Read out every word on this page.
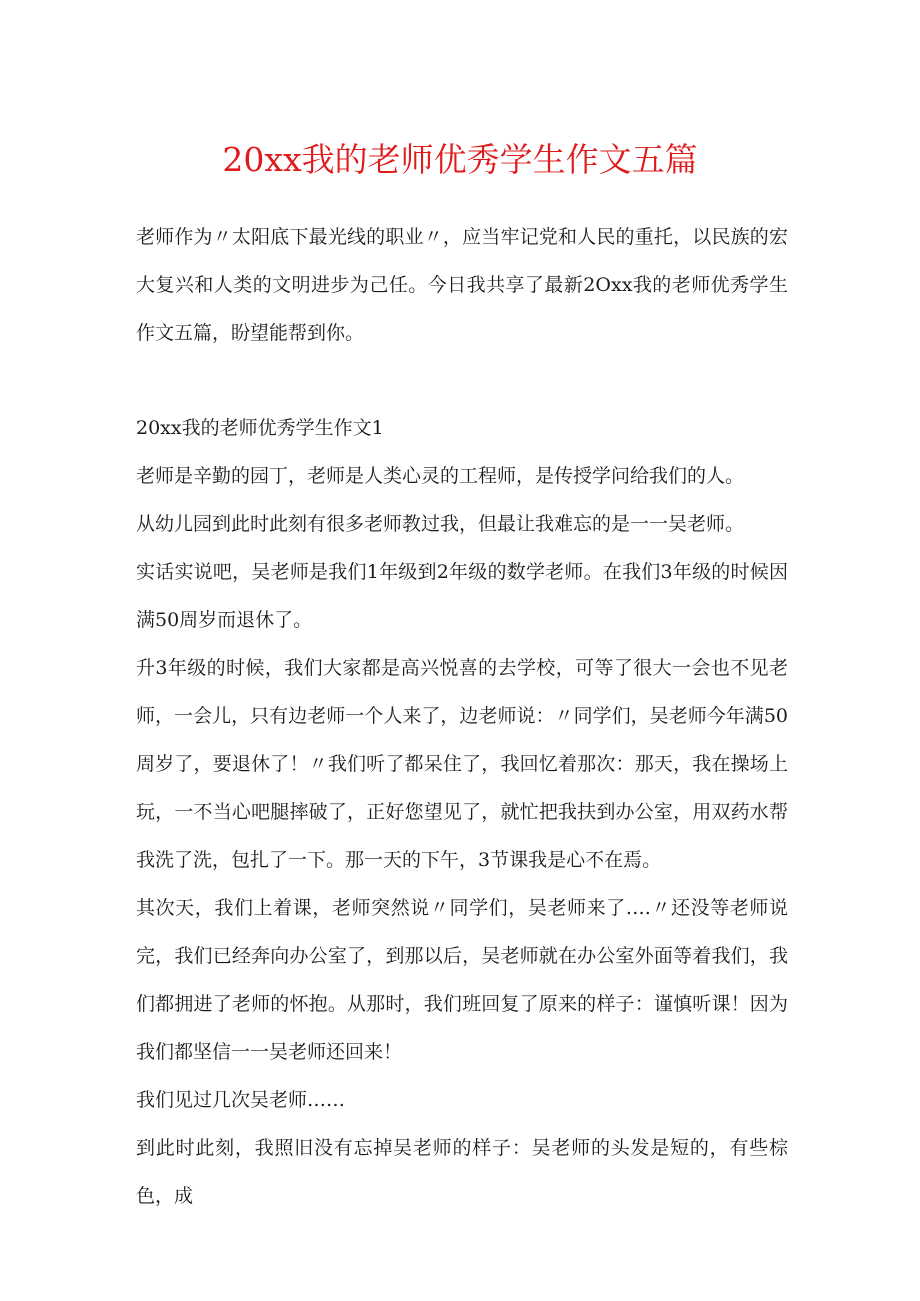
20xx我的老师优秀学生作文五篇

老师作为〃太阳底下最光线的职业〃，应当牢记党和人民的重托，以民族的宏大复兴和人类的文明进步为己任。今日我共享了最新2Oxx我的老师优秀学生作文五篇，盼望能帮到你。

20xx我的老师优秀学生作文1

老师是辛勤的园丁，老师是人类心灵的工程师，是传授学问给我们的人。

从幼儿园到此时此刻有很多老师教过我，但最让我难忘的是一一吴老师。

实话实说吧，吴老师是我们1年级到2年级的数学老师。在我们3年级的时候因满50周岁而退休了。

升3年级的时候，我们大家都是高兴悦喜的去学校，可等了很大一会也不见老师，一会儿，只有边老师一个人来了，边老师说：〃同学们，吴老师今年满50周岁了，要退休了！〃我们听了都呆住了，我回忆着那次：那天，我在操场上玩，一不当心吧腿摔破了，正好您望见了，就忙把我扶到办公室，用双药水帮我洗了洗，包扎了一下。那一天的下午，3节课我是心不在焉。

其次天，我们上着课，老师突然说〃同学们，吴老师来了….〃还没等老师说完，我们已经奔向办公室了，到那以后，吴老师就在办公室外面等着我们，我们都拥进了老师的怀抱。从那时，我们班回复了原来的样子：谨慎听课！因为我们都坚信一一吴老师还回来！

我们见过几次吴老师……

到此时此刻，我照旧没有忘掉吴老师的样子：吴老师的头发是短的，有些棕色，成
